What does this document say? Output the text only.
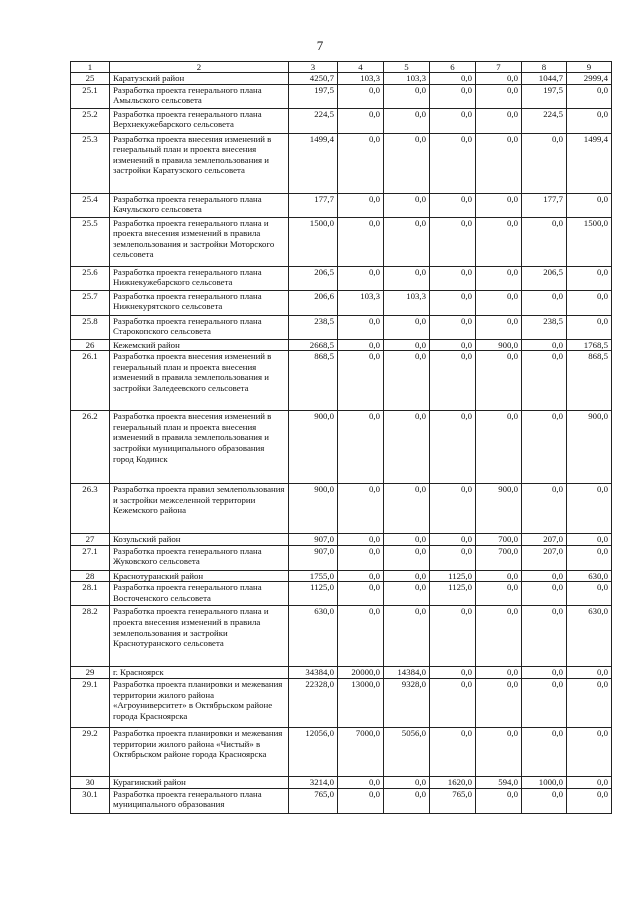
7
1	2	3	4	5	6	7	8	9
25	Каратузский район	4250,7	103,3	103,3	0,0	0,0	1044,7	2999,4
25.1	Разработка проекта генерального плана Амыльского сельсовета	197,5	0,0	0,0	0,0	0,0	197,5	0,0
25.2	Разработка проекта генерального плана Верхнекужебарского сельсовета	224,5	0,0	0,0	0,0	0,0	224,5	0,0
25.3	Разработка проекта внесения изменений в генеральный план и проекта внесения изменений в правила землепользования и застройки Каратузского сельсовета	1499,4	0,0	0,0	0,0	0,0	0,0	1499,4
25.4	Разработка проекта генерального плана Качульского сельсовета	177,7	0,0	0,0	0,0	0,0	177,7	0,0
25.5	Разработка проекта генерального плана и проекта внесения изменений в правила землепользования и застройки Моторского сельсовета	1500,0	0,0	0,0	0,0	0,0	0,0	1500,0
25.6	Разработка проекта генерального плана Нижнекужебарского сельсовета	206,5	0,0	0,0	0,0	0,0	206,5	0,0
25.7	Разработка проекта генерального плана Нижнекурятского сельсовета	206,6	103,3	103,3	0,0	0,0	0,0	0,0
25.8	Разработка проекта генерального плана Старокопского сельсовета	238,5	0,0	0,0	0,0	0,0	238,5	0,0
26	Кежемский район	2668,5	0,0	0,0	0,0	900,0	0,0	1768,5
26.1	Разработка проекта внесения изменений в генеральный план и проекта внесения изменений в правила землепользования и застройки Заледеевского сельсовета	868,5	0,0	0,0	0,0	0,0	0,0	868,5
26.2	Разработка проекта внесения изменений в генеральный план и проекта внесения изменений в правила землепользования и застройки муниципального образования город Кодинск	900,0	0,0	0,0	0,0	0,0	0,0	900,0
26.3	Разработка проекта правил землепользования и застройки межселенной территории Кежемского района	900,0	0,0	0,0	0,0	900,0	0,0	0,0
27	Козульский район	907,0	0,0	0,0	0,0	700,0	207,0	0,0
27.1	Разработка проекта генерального плана Жуковского сельсовета	907,0	0,0	0,0	0,0	700,0	207,0	0,0
28	Краснотуранский район	1755,0	0,0	0,0	1125,0	0,0	0,0	630,0
28.1	Разработка проекта генерального плана Восточенского сельсовета	1125,0	0,0	0,0	1125,0	0,0	0,0	0,0
28.2	Разработка проекта генерального плана и проекта внесения изменений в правила землепользования и застройки Краснотуранского сельсовета	630,0	0,0	0,0	0,0	0,0	0,0	630,0
29	г. Красноярск	34384,0	20000,0	14384,0	0,0	0,0	0,0	0,0
29.1	Разработка проекта планировки и межевания территории жилого района «Агроуниверситет» в Октябрьском районе города Красноярска	22328,0	13000,0	9328,0	0,0	0,0	0,0	0,0
29.2	Разработка проекта планировки и межевания территории жилого района «Чистый» в Октябрьском районе города Красноярска	12056,0	7000,0	5056,0	0,0	0,0	0,0	0,0
30	Курагинский район	3214,0	0,0	0,0	1620,0	594,0	1000,0	0,0
30.1	Разработка проекта генерального плана муниципального образования	765,0	0,0	0,0	765,0	0,0	0,0	0,0
